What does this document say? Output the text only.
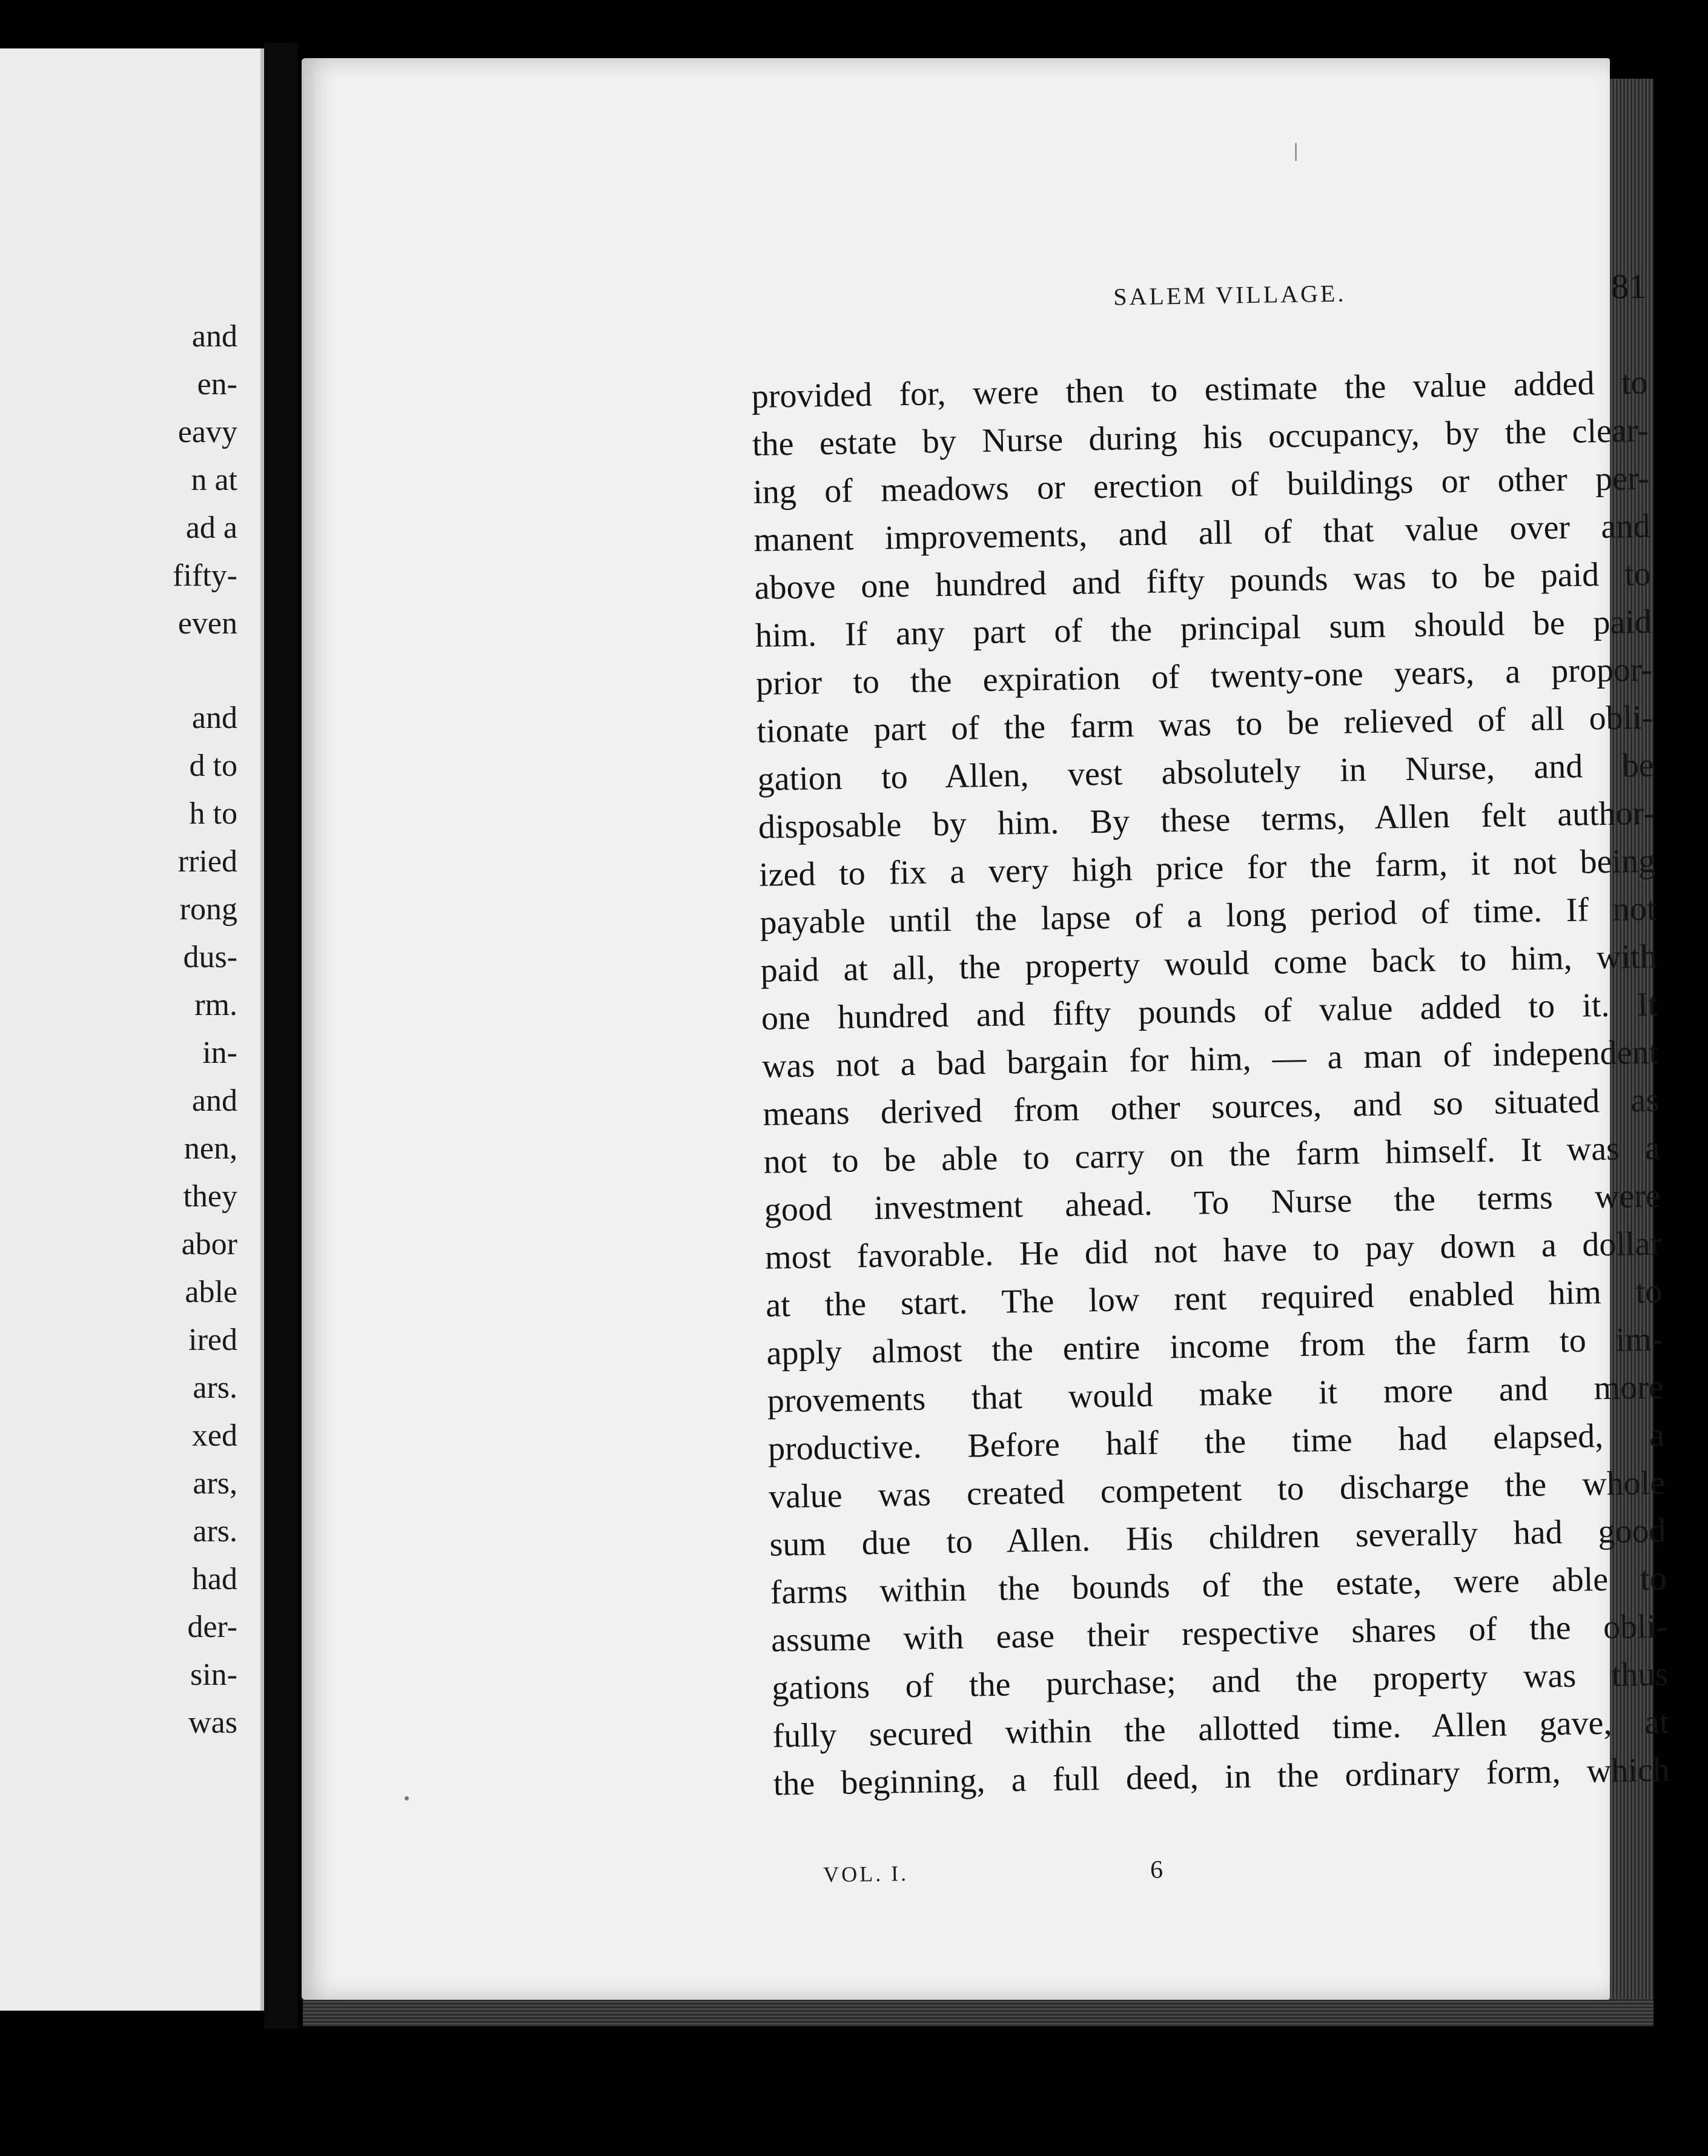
and
en-
eavy
n at
ad a
fifty-
even
and
d to
h to
rried
rong
dus-
rm.
in-
and
nen,
they
abor
able
ired
ars.
xed
ars,
ars.
had
der-
sin-
was
SALEM VILLAGE.	81
provided for, were then to estimate the value added to
the estate by Nurse during his occupancy, by the clear-
ing of meadows or erection of buildings or other per-
manent improvements, and all of that value over and
above one hundred and fifty pounds was to be paid to
him. If any part of the principal sum should be paid
prior to the expiration of twenty-one years, a propor-
tionate part of the farm was to be relieved of all obli-
gation to Allen, vest absolutely in Nurse, and be
disposable by him. By these terms, Allen felt author-
ized to fix a very high price for the farm, it not being
payable until the lapse of a long period of time. If not
paid at all, the property would come back to him, with
one hundred and fifty pounds of value added to it. It
was not a bad bargain for him, — a man of independent
means derived from other sources, and so situated as
not to be able to carry on the farm himself. It was a
good investment ahead. To Nurse the terms were
most favorable. He did not have to pay down a dollar
at the start. The low rent required enabled him to
apply almost the entire income from the farm to im-
provements that would make it more and more
productive. Before half the time had elapsed, a
value was created competent to discharge the whole
sum due to Allen. His children severally had good
farms within the bounds of the estate, were able to
assume with ease their respective shares of the obli-
gations of the purchase; and the property was thus
fully secured within the allotted time. Allen gave, at
the beginning, a full deed, in the ordinary form, which
VOL. I.	6
